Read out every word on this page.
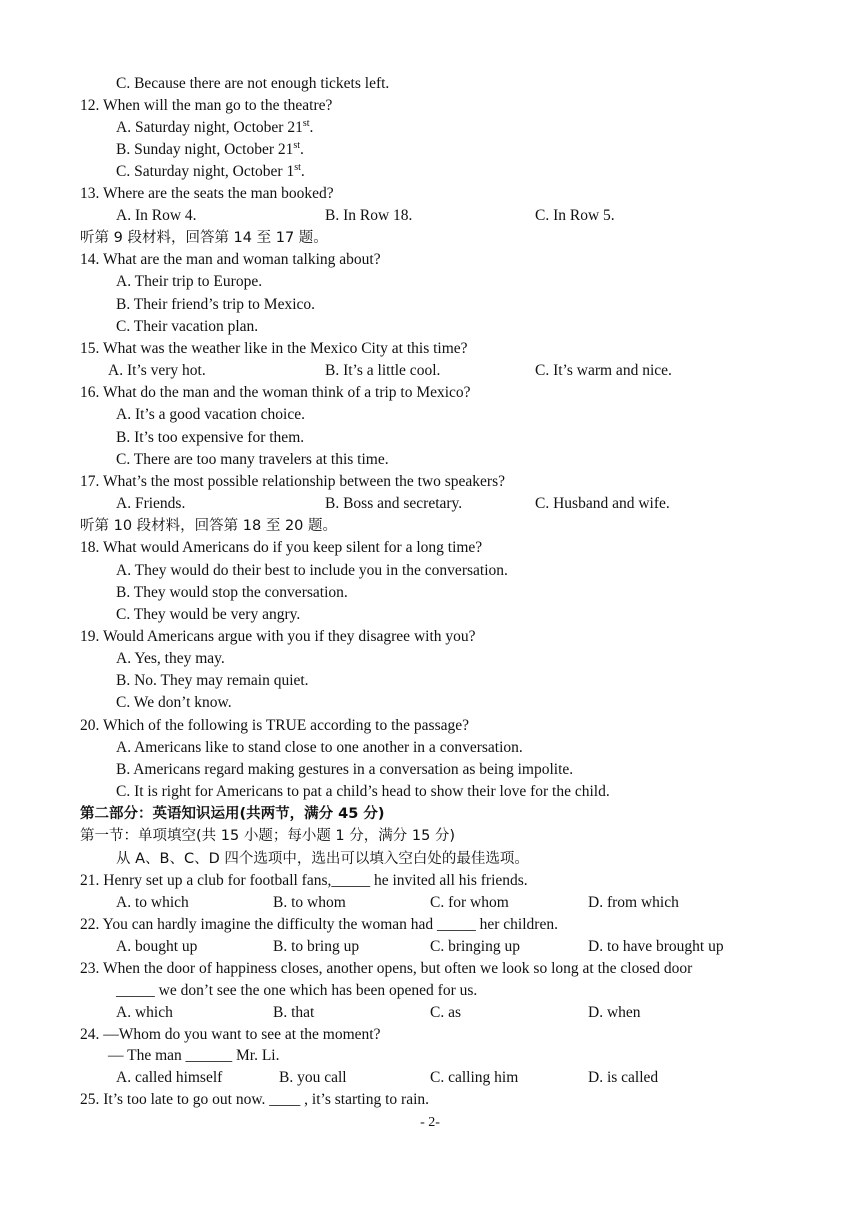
C. Because there are not enough tickets left.
12. When will the man go to the theatre?
A. Saturday night, October 21st.
B. Sunday night, October 21st.
C. Saturday night, October 1st.
13. Where are the seats the man booked?
A. In Row 4.	B. In Row 18.	C. In Row 5.
听第 9 段材料，回答第 14 至 17 题。
14. What are the man and woman talking about?
A. Their trip to Europe.
B. Their friend’s trip to Mexico.
C. Their vacation plan.
15. What was the weather like in the Mexico City at this time?
A. It’s very hot.	B. It’s a little cool.	C. It’s warm and nice.
16. What do the man and the woman think of a trip to Mexico?
A. It’s a good vacation choice.
B. It’s too expensive for them.
C. There are too many travelers at this time.
17. What’s the most possible relationship between the two speakers?
A. Friends.	B. Boss and secretary.	C. Husband and wife.
听第 10 段材料，回答第 18 至 20 题。
18. What would Americans do if you keep silent for a long time?
A. They would do their best to include you in the conversation.
B. They would stop the conversation.
C. They would be very angry.
19. Would Americans argue with you if they disagree with you?
A. Yes, they may.
B. No. They may remain quiet.
C. We don’t know.
20. Which of the following is TRUE according to the passage?
A. Americans like to stand close to one another in a conversation.
B. Americans regard making gestures in a conversation as being impolite.
C. It is right for Americans to pat a child’s head to show their love for the child.
第二部分：英语知识运用(共两节，满分 45 分)
第一节：单项填空(共 15 小题；每小题 1 分，满分 15 分)
从 A、B、C、D 四个选项中，选出可以填入空白处的最佳选项。
21. Henry set up a club for football fans,_____ he invited all his friends.
A. to which	B. to whom	C. for whom	D. from which
22. You can hardly imagine the difficulty the woman had _____ her children.
A. bought up	B. to bring up	C. bringing up	D. to have brought up
23. When the door of happiness closes, another opens, but often we look so long at the closed door
_____ we don’t see the one which has been opened for us.
A. which	B. that	C. as	D. when
24. —Whom do you want to see at the moment?
— The man ______ Mr. Li.
A. called himself	B. you call	C. calling him	D. is called
25. It’s too late to go out now. ____ , it’s starting to rain.
- 2-
